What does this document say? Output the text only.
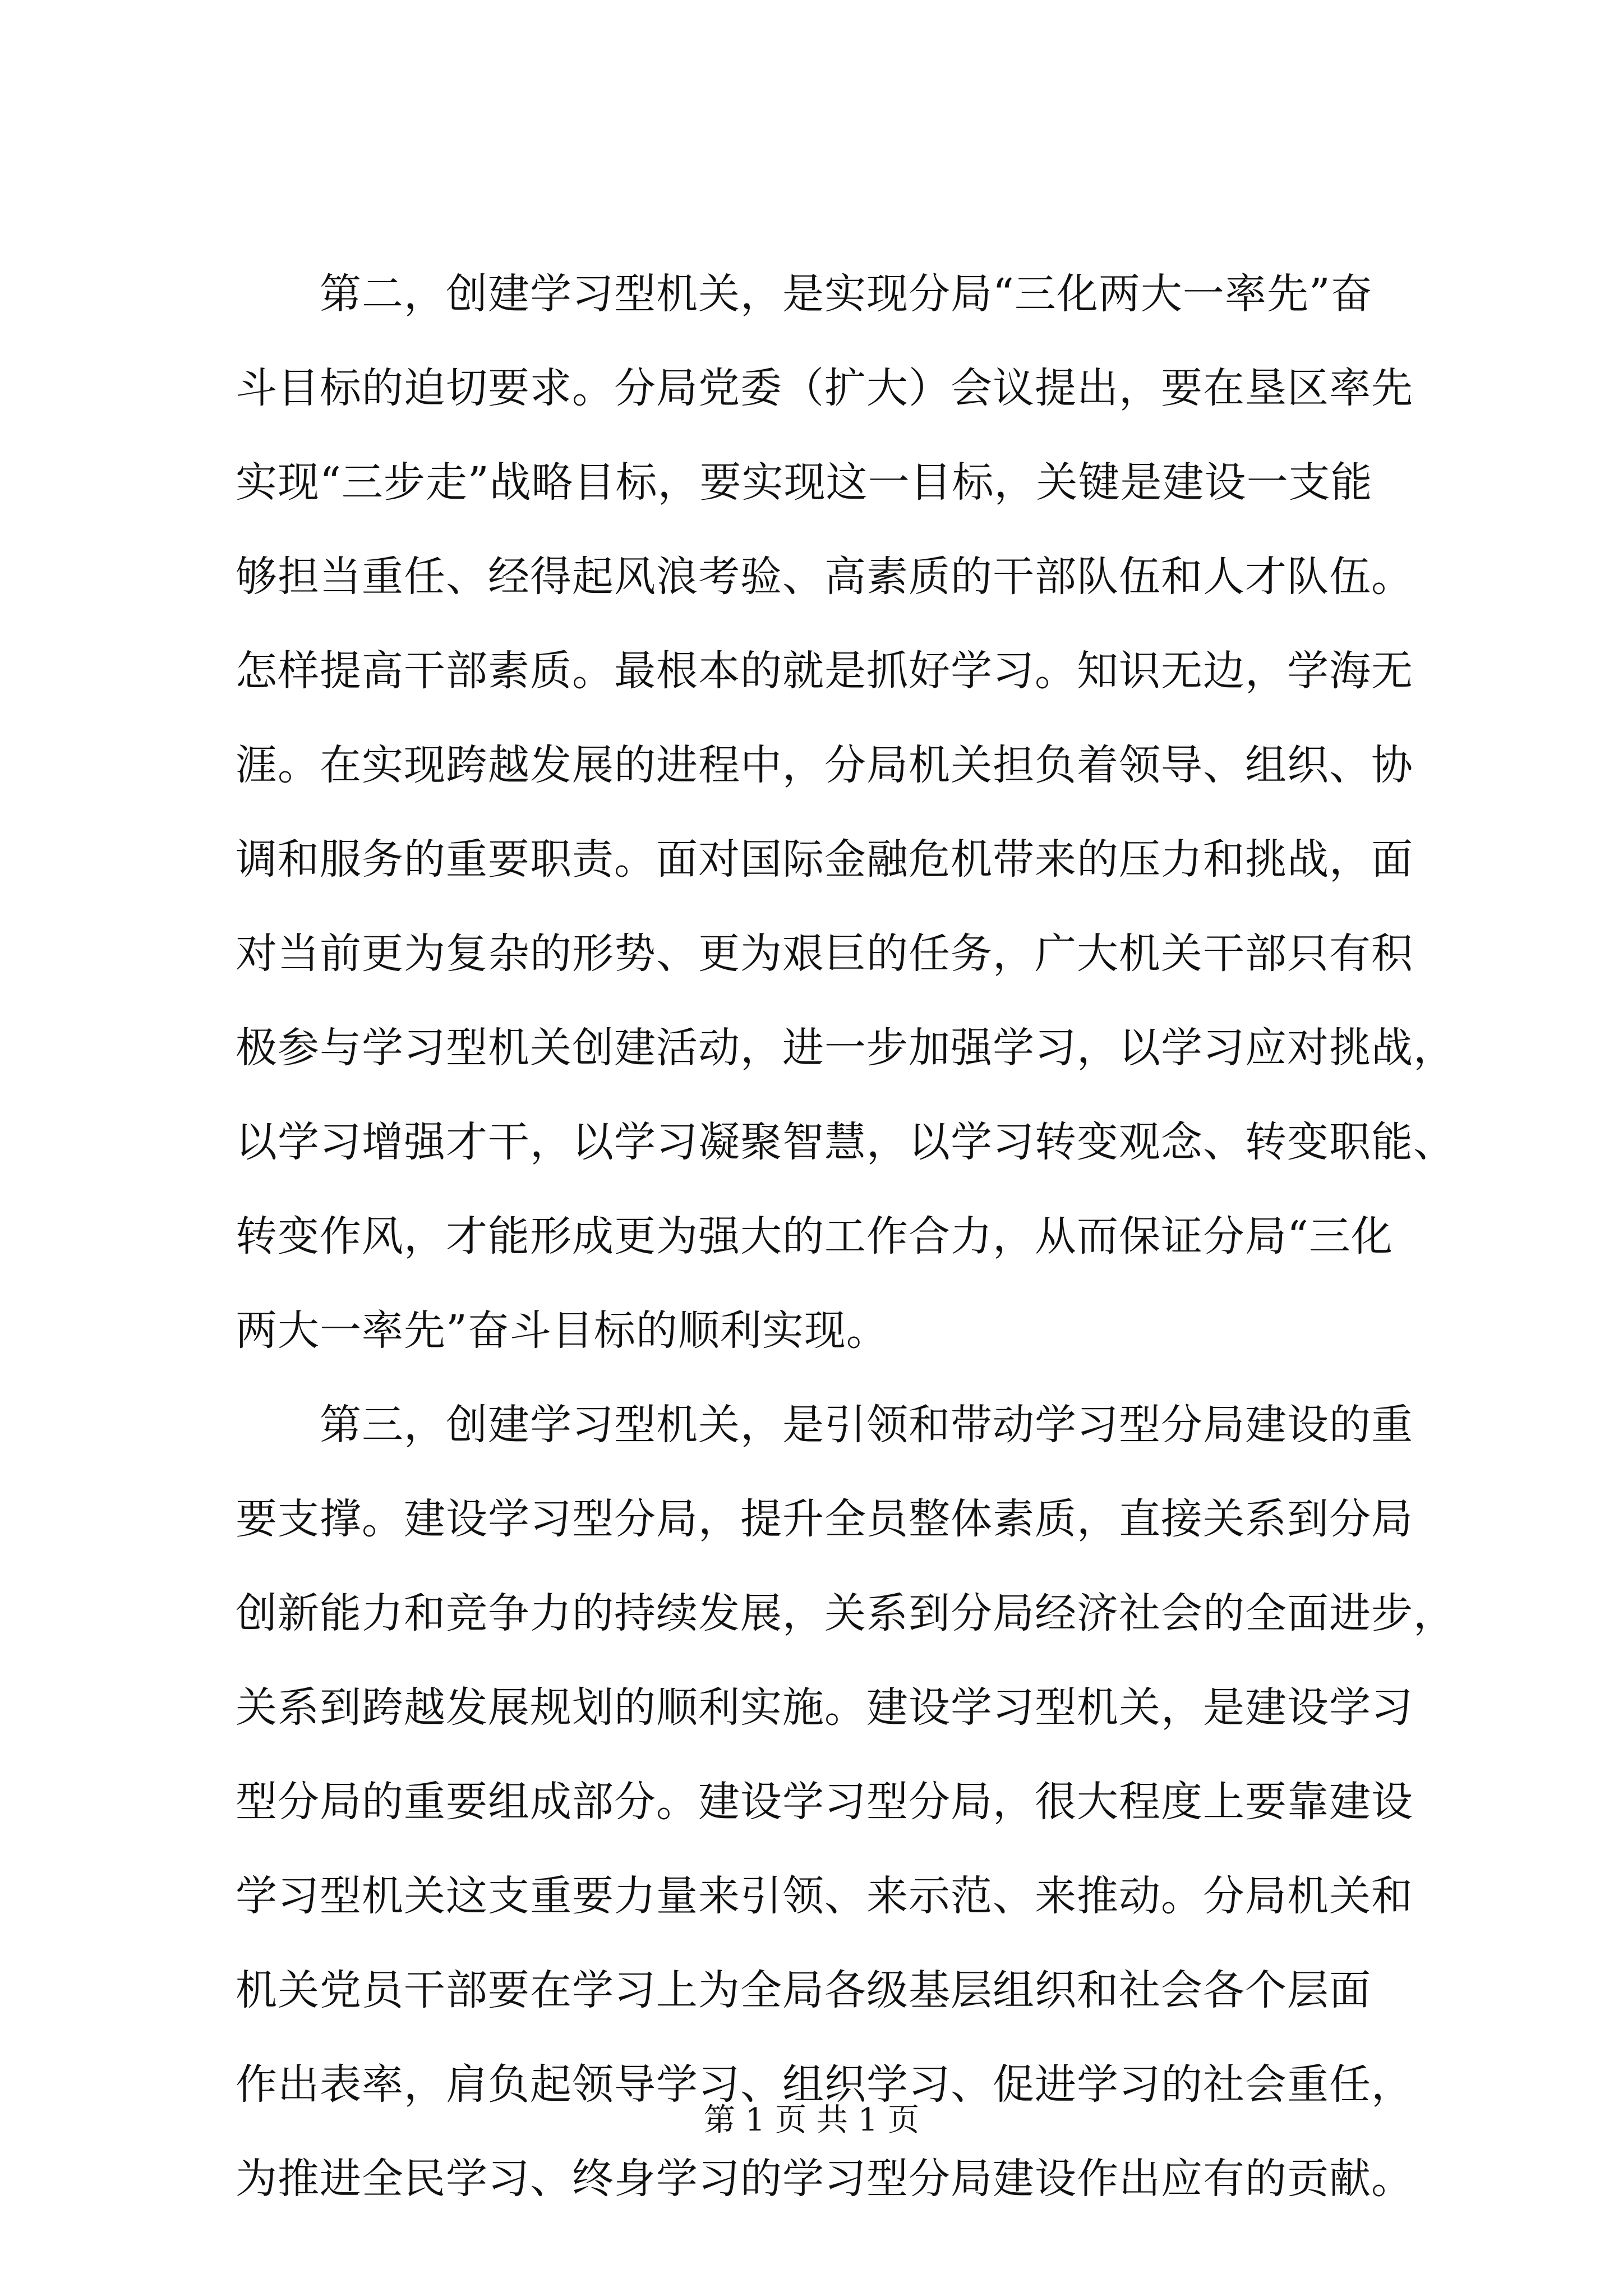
第二，创建学习型机关，是实现分局“三化两大一率先”奋
斗目标的迫切要求。分局党委（扩大）会议提出，要在垦区率先
实现“三步走”战略目标，要实现这一目标，关键是建设一支能
够担当重任、经得起风浪考验、高素质的干部队伍和人才队伍。
怎样提高干部素质。最根本的就是抓好学习。知识无边，学海无
涯。在实现跨越发展的进程中，分局机关担负着领导、组织、协
调和服务的重要职责。面对国际金融危机带来的压力和挑战，面
对当前更为复杂的形势、更为艰巨的任务，广大机关干部只有积
极参与学习型机关创建活动，进一步加强学习，以学习应对挑战，
以学习增强才干，以学习凝聚智慧，以学习转变观念、转变职能、
转变作风，才能形成更为强大的工作合力，从而保证分局“三化
两大一率先”奋斗目标的顺利实现。
第三，创建学习型机关，是引领和带动学习型分局建设的重
要支撑。建设学习型分局，提升全员整体素质，直接关系到分局
创新能力和竞争力的持续发展，关系到分局经济社会的全面进步，
关系到跨越发展规划的顺利实施。建设学习型机关，是建设学习
型分局的重要组成部分。建设学习型分局，很大程度上要靠建设
学习型机关这支重要力量来引领、来示范、来推动。分局机关和
机关党员干部要在学习上为全局各级基层组织和社会各个层面
作出表率，肩负起领导学习、组织学习、促进学习的社会重任，
为推进全民学习、终身学习的学习型分局建设作出应有的贡献。
第 1 页 共 1 页
